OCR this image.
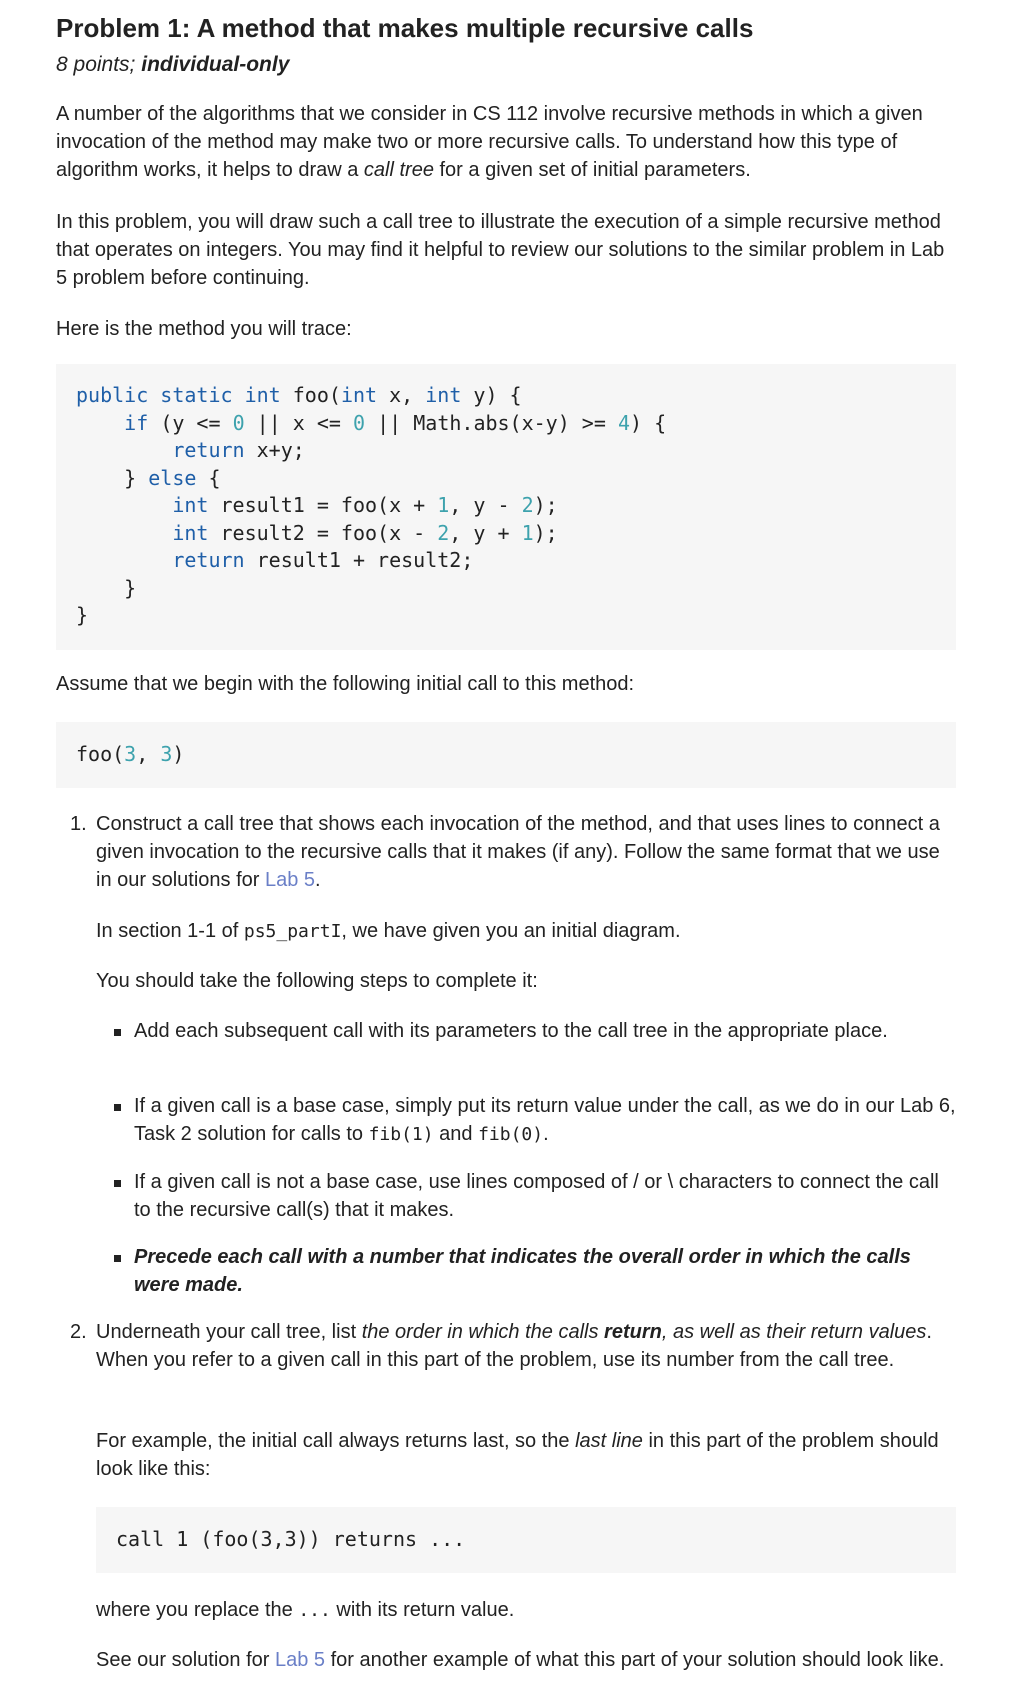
Problem 1: A method that makes multiple recursive calls
8 points; individual-only
A number of the algorithms that we consider in CS 112 involve recursive methods in which a given invocation of the method may make two or more recursive calls. To understand how this type of algorithm works, it helps to draw a call tree for a given set of initial parameters.
In this problem, you will draw such a call tree to illustrate the execution of a simple recursive method that operates on integers. You may find it helpful to review our solutions to the similar problem in Lab 5 problem before continuing.
Here is the method you will trace:
public static int foo(int x, int y) {
if (y <= 0 || x <= 0 || Math.abs(x-y) >= 4) {
return x+y;
} else {
int result1 = foo(x + 1, y - 2);
int result2 = foo(x - 2, y + 1);
return result1 + result2;
}
}
Assume that we begin with the following initial call to this method:
foo(3, 3)
1. Construct a call tree that shows each invocation of the method, and that uses lines to connect a given invocation to the recursive calls that it makes (if any). Follow the same format that we use in our solutions for Lab 5.
In section 1-1 of ps5_partI, we have given you an initial diagram.
You should take the following steps to complete it:
Add each subsequent call with its parameters to the call tree in the appropriate place.
If a given call is a base case, simply put its return value under the call, as we do in our Lab 6, Task 2 solution for calls to fib(1) and fib(0).
If a given call is not a base case, use lines composed of / or \ characters to connect the call to the recursive call(s) that it makes.
Precede each call with a number that indicates the overall order in which the calls were made.
2. Underneath your call tree, list the order in which the calls return, as well as their return values. When you refer to a given call in this part of the problem, use its number from the call tree.
For example, the initial call always returns last, so the last line in this part of the problem should look like this:
call 1 (foo(3,3)) returns ...
where you replace the ... with its return value.
See our solution for Lab 5 for another example of what this part of your solution should look like.
